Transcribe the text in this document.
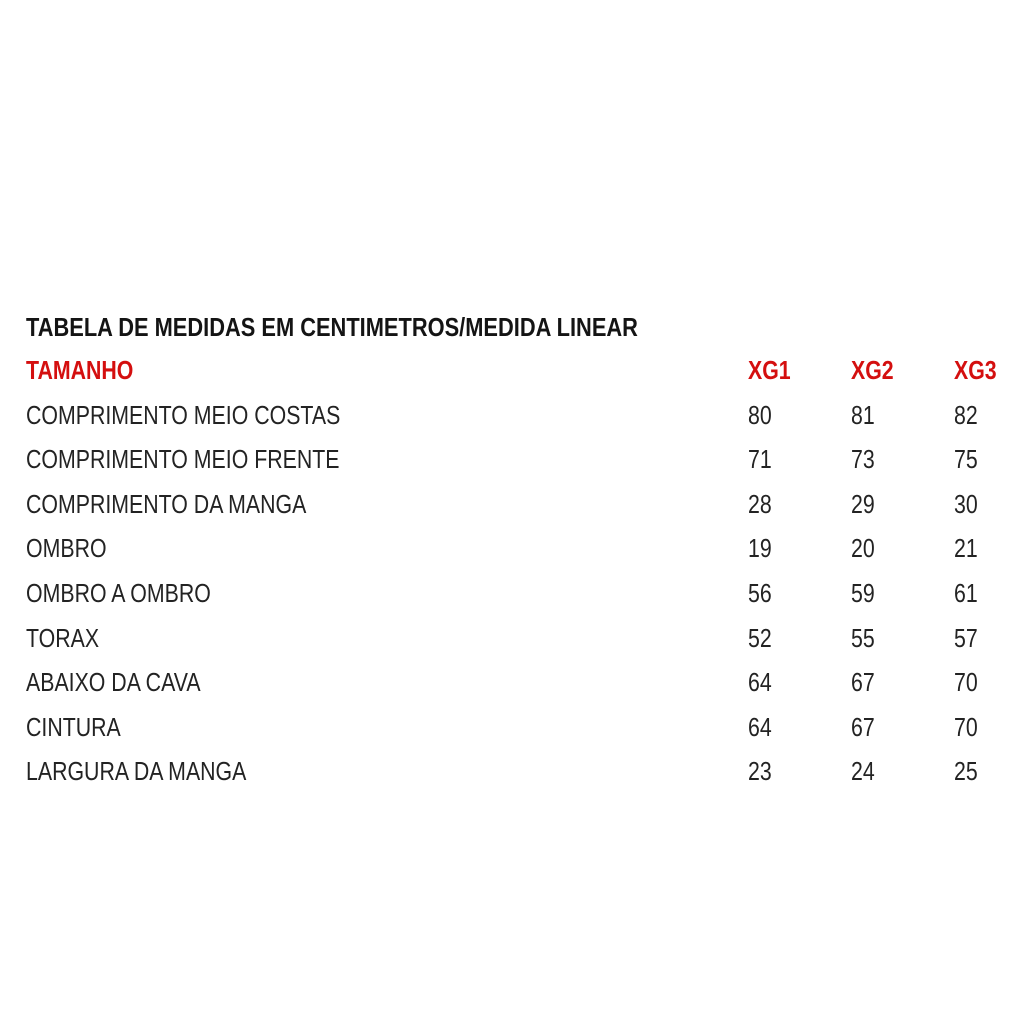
TABELA DE MEDIDAS EM CENTIMETROS/MEDIDA LINEAR
TAMANHO	XG1	XG2	XG3
COMPRIMENTO MEIO COSTAS	80	81	82
COMPRIMENTO MEIO FRENTE	71	73	75
COMPRIMENTO DA MANGA	28	29	30
OMBRO	19	20	21
OMBRO A OMBRO	56	59	61
TORAX	52	55	57
ABAIXO DA CAVA	64	67	70
CINTURA	64	67	70
LARGURA DA MANGA	23	24	25
